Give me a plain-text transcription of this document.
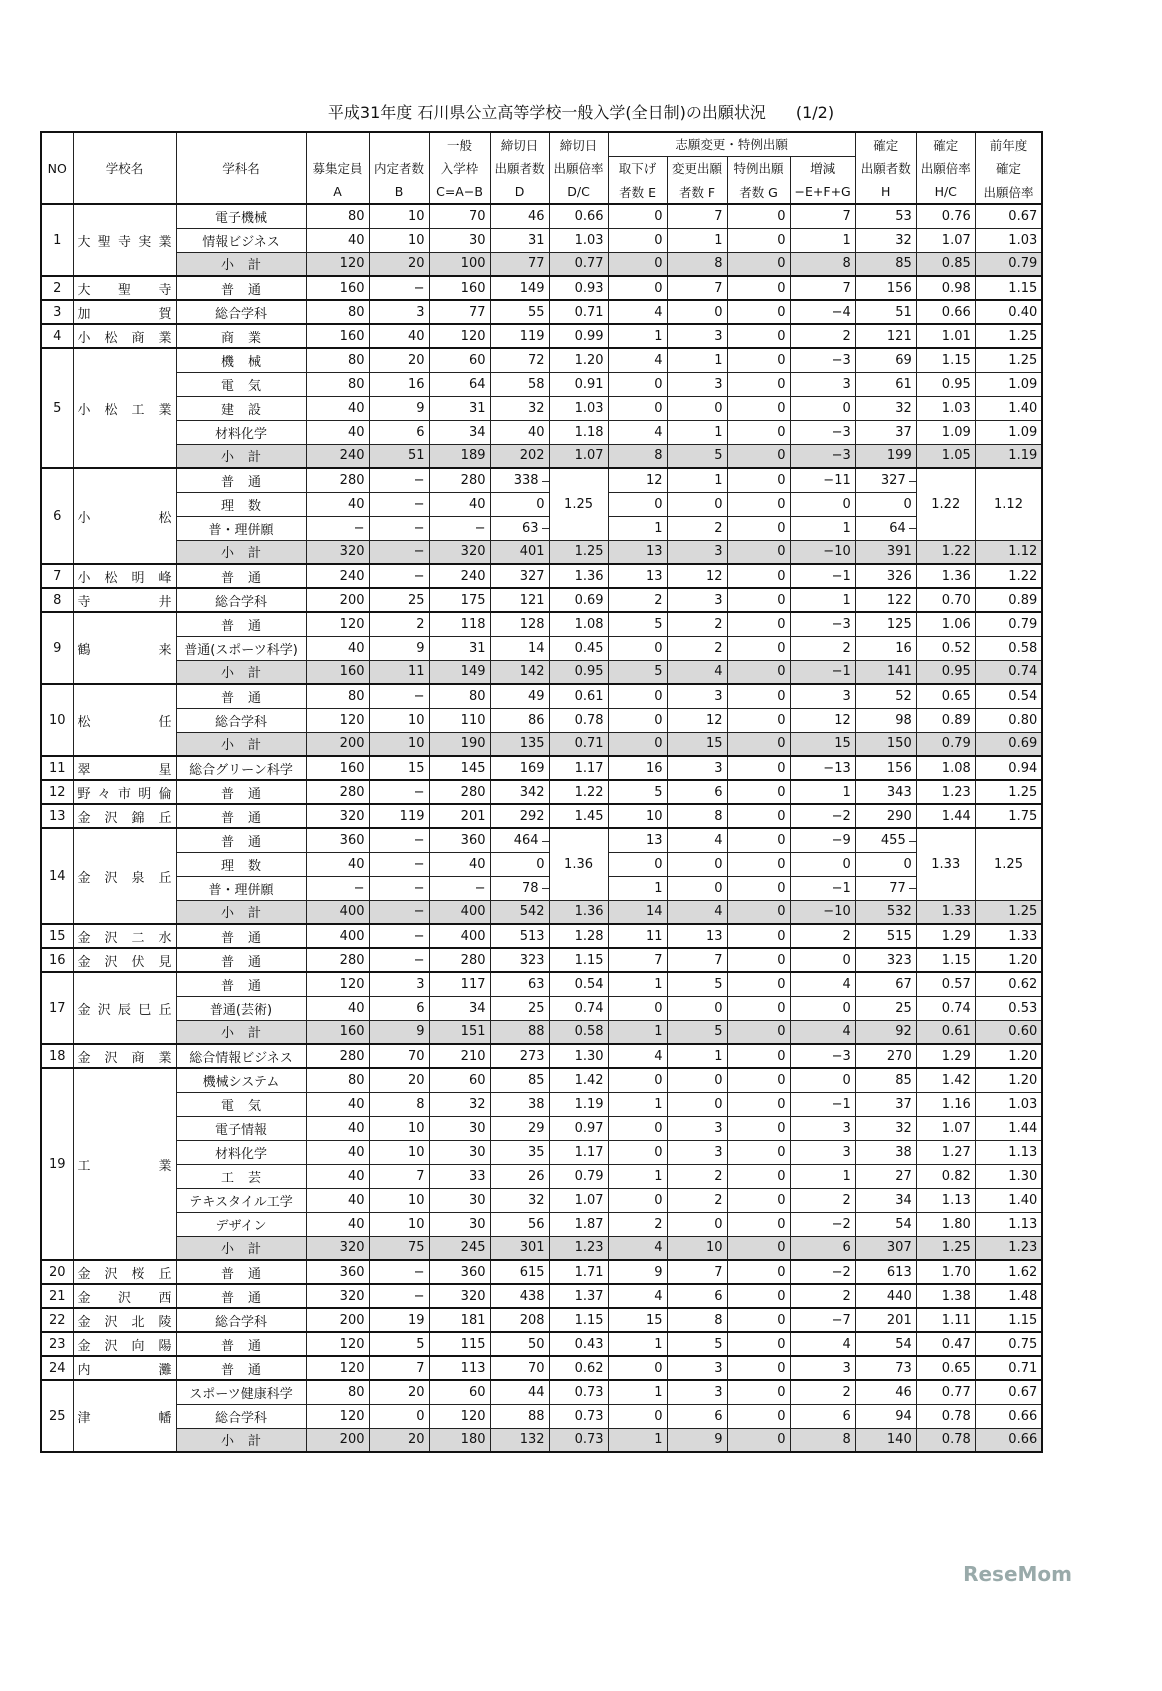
平成31年度 石川県公立高等学校一般入学(全日制)の出願状況 (1/2)
NO	学校名	学科名			一般	締切日	締切日	志願変更・特例出願				確定	確定	前年度
			募集定員	内定者数	入学枠	出願者数	出願倍率	取下げ	変更出願	特例出願	増減	出願者数	出願倍率	確定
			A	B	C=A−B	D	D/C	者数 E	者数 F	者数 G	−E+F+G	H	H/C	出願倍率
1	大聖寺実業	電子機械	80	10	70	46	0.66	0	7	0	7	53	0.76	0.67
		情報ビジネス	40	10	30	31	1.03	0	1	0	1	32	1.07	1.03
		小計	120	20	100	77	0.77	0	8	0	8	85	0.85	0.79
2	大聖寺	普通	160	−	160	149	0.93	0	7	0	7	156	0.98	1.15
3	加賀	総合学科	80	3	77	55	0.71	4	0	0	−4	51	0.66	0.40
4	小松商業	商業	160	40	120	119	0.99	1	3	0	2	121	1.01	1.25
5	小松工業	機械	80	20	60	72	1.20	4	1	0	−3	69	1.15	1.25
		電気	80	16	64	58	0.91	0	3	0	3	61	0.95	1.09
		建設	40	9	31	32	1.03	0	0	0	0	32	1.03	1.40
		材料化学	40	6	34	40	1.18	4	1	0	−3	37	1.09	1.09
		小計	240	51	189	202	1.07	8	5	0	−3	199	1.05	1.19
6	小松	普通	280	−	280	338	1.25	12	1	0	−11	327	1.22	1.12
		理数	40	−	40	0		0	0	0	0	0		
		普・理併願	−	−	−	63		1	2	0	1	64		

		小計	320	−	320	401	1.25	13	3	0	−10	391	1.22	1.12
7	小松明峰	普通	240	−	240	327	1.36	13	12	0	−1	326	1.36	1.22
8	寺井	総合学科	200	25	175	121	0.69	2	3	0	1	122	0.70	0.89
9	鶴来	普通	120	2	118	128	1.08	5	2	0	−3	125	1.06	0.79
		普通(スポーツ科学)	40	9	31	14	0.45	0	2	0	2	16	0.52	0.58
		小計	160	11	149	142	0.95	5	4	0	−1	141	0.95	0.74
10	松任	普通	80	−	80	49	0.61	0	3	0	3	52	0.65	0.54
		総合学科	120	10	110	86	0.78	0	12	0	12	98	0.89	0.80
		小計	200	10	190	135	0.71	0	15	0	15	150	0.79	0.69
11	翠星	総合グリーン科学	160	15	145	169	1.17	16	3	0	−13	156	1.08	0.94
12	野々市明倫	普通	280	−	280	342	1.22	5	6	0	1	343	1.23	1.25
13	金沢錦丘	普通	320	119	201	292	1.45	10	8	0	−2	290	1.44	1.75
14	金沢泉丘	普通	360	−	360	464	1.36	13	4	0	−9	455	1.33	1.25
		理数	40	−	40	0		0	0	0	0	0		
		普・理併願	−	−	−	78		1	0	0	−1	77		

		小計	400	−	400	542	1.36	14	4	0	−10	532	1.33	1.25
15	金沢二水	普通	400	−	400	513	1.28	11	13	0	2	515	1.29	1.33
16	金沢伏見	普通	280	−	280	323	1.15	7	7	0	0	323	1.15	1.20
17	金沢辰巳丘	普通	120	3	117	63	0.54	1	5	0	4	67	0.57	0.62
		普通(芸術)	40	6	34	25	0.74	0	0	0	0	25	0.74	0.53
		小計	160	9	151	88	0.58	1	5	0	4	92	0.61	0.60
18	金沢商業	総合情報ビジネス	280	70	210	273	1.30	4	1	0	−3	270	1.29	1.20
19	工業	機械システム	80	20	60	85	1.42	0	0	0	0	85	1.42	1.20
		電気	40	8	32	38	1.19	1	0	0	−1	37	1.16	1.03
		電子情報	40	10	30	29	0.97	0	3	0	3	32	1.07	1.44
		材料化学	40	10	30	35	1.17	0	3	0	3	38	1.27	1.13
		工芸	40	7	33	26	0.79	1	2	0	1	27	0.82	1.30
		テキスタイル工学	40	10	30	32	1.07	0	2	0	2	34	1.13	1.40
		デザイン	40	10	30	56	1.87	2	0	0	−2	54	1.80	1.13
		小計	320	75	245	301	1.23	4	10	0	6	307	1.25	1.23
20	金沢桜丘	普通	360	−	360	615	1.71	9	7	0	−2	613	1.70	1.62
21	金沢西	普通	320	−	320	438	1.37	4	6	0	2	440	1.38	1.48
22	金沢北陵	総合学科	200	19	181	208	1.15	15	8	0	−7	201	1.11	1.15
23	金沢向陽	普通	120	5	115	50	0.43	1	5	0	4	54	0.47	0.75
24	内灘	普通	120	7	113	70	0.62	0	3	0	3	73	0.65	0.71
25	津幡	スポーツ健康科学	80	20	60	44	0.73	1	3	0	2	46	0.77	0.67
		総合学科	120	0	120	88	0.73	0	6	0	6	94	0.78	0.66
		小計	200	20	180	132	0.73	1	9	0	8	140	0.78	0.66
ReseMom
